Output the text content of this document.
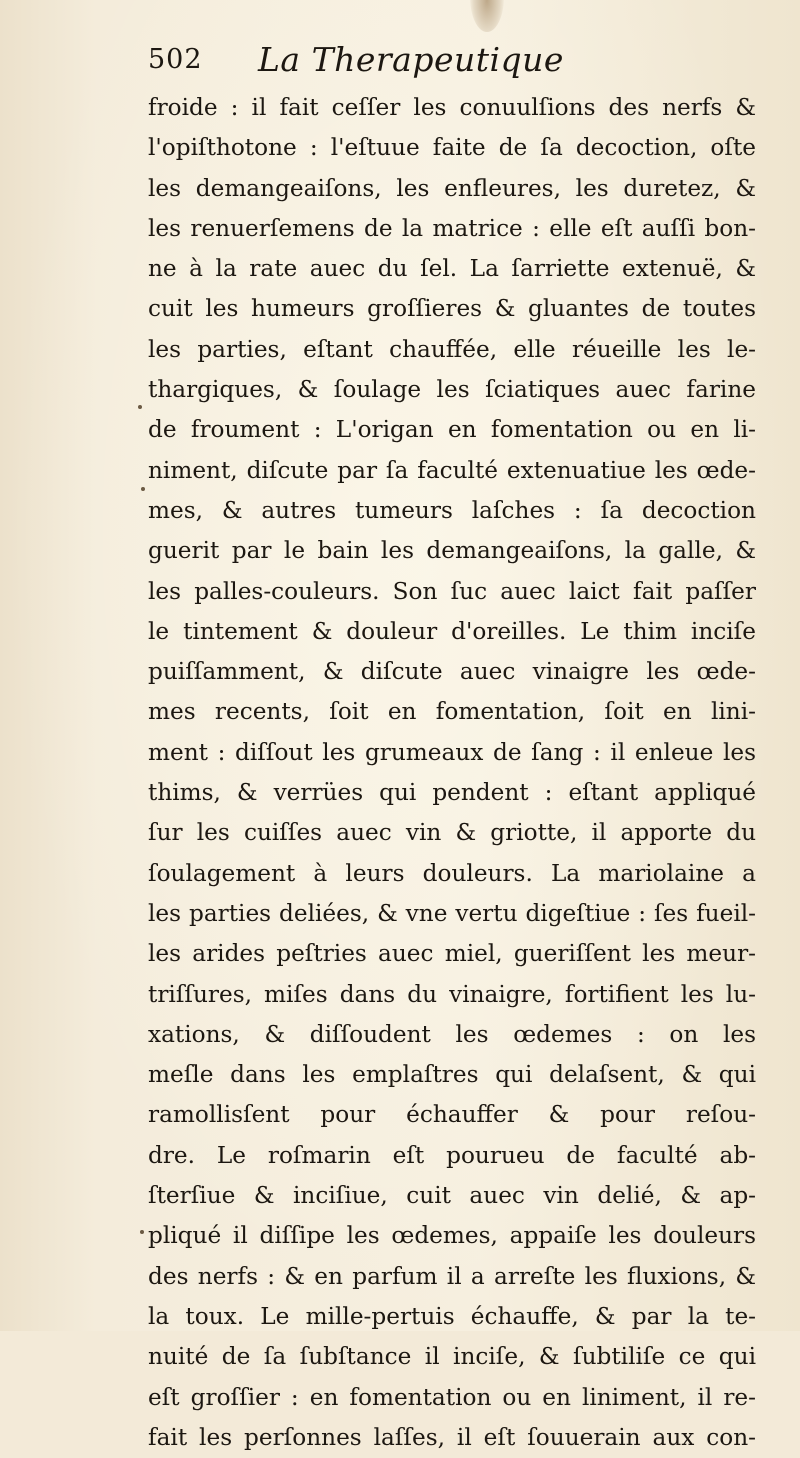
502 La Therapeutique
froide : il fait ceſſer les conuulſions des nerfs &
l'opiſthotone : l'eſtuue faite de ſa decoction, oſte
les demangeaiſons, les enfleures, les duretez, &
les renuerſemens de la matrice : elle eſt auſſi bon-
ne à la rate auec du ſel. La ſarriette extenuë, &
cuit les humeurs groſſieres & gluantes de toutes
les parties, eſtant chauffée, elle réueille les le-
thargiques, & ſoulage les ſciatiques auec farine
de froument : L'origan en fomentation ou en li-
niment, diſcute par ſa faculté extenuatiue les œde-
mes, & autres tumeurs laſches : ſa decoction
guerit par le bain les demangeaiſons, la galle, &
les palles-couleurs. Son ſuc auec laict fait paſſer
le tintement & douleur d'oreilles. Le thim inciſe
puiſſamment, & diſcute auec vinaigre les œde-
mes recents, ſoit en fomentation, ſoit en lini-
ment : diſſout les grumeaux de ſang : il enleue les
thims, & verrües qui pendent : eſtant appliqué
ſur les cuiſſes auec vin & griotte, il apporte du
ſoulagement à leurs douleurs. La mariolaine a
les parties deliées, & vne vertu digeſtiue : ſes fueil-
les arides peſtries auec miel, gueriſſent les meur-
triſſures, miſes dans du vinaigre, fortifient les lu-
xations, & diſſoudent les œdemes : on les
meſle dans les emplaſtres qui delaſsent, & qui
ramollisſent pour échauffer & pour reſou-
dre. Le roſmarin eſt pourueu de faculté ab-
ſterſiue & inciſiue, cuit auec vin delié, & ap-
pliqué il diſſipe les œdemes, appaiſe les douleurs
des nerfs : & en parfum il a arreſte les fluxions, &
la toux. Le mille-pertuis échauffe, & par la te-
nuité de ſa ſubſtance il inciſe, & ſubtiliſe ce qui
eſt groſſier : en fomentation ou en liniment, il re-
fait les perſonnes laſſes, il eſt ſouuerain aux con-
